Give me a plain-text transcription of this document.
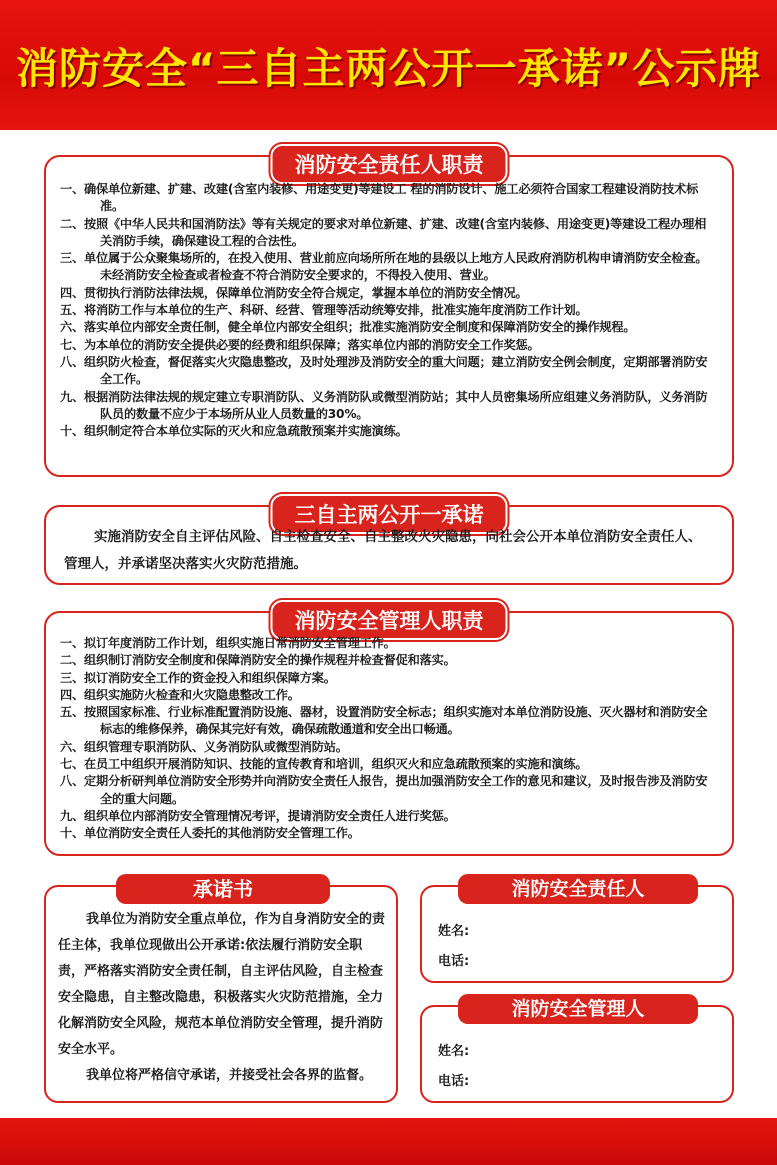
消防安全“三自主两公开一承诺”公示牌
消防安全责任人职责
一、确保单位新建、扩建、改建(含室内装修、用途变更)等建设工 程的消防设计、施工必须符合国家工程建设消防技术标准。
二、按照《中华人民共和国消防法》等有关规定的要求对单位新建、扩建、改建(含室内装修、用途变更)等建设工程办理相关消防手续，确保建设工程的合法性。
三、单位属于公众聚集场所的，在投入使用、营业前应向场所所在地的县级以上地方人民政府消防机构申请消防安全检查。未经消防安全检查或者检查不符合消防安全要求的，不得投入使用、营业。
四、贯彻执行消防法律法规，保障单位消防安全符合规定，掌握本单位的消防安全情况。
五、将消防工作与本单位的生产、科研、经营、管理等活动统筹安排，批准实施年度消防工作计划。
六、落实单位内部安全责任制，健全单位内部安全组织；批准实施消防安全制度和保障消防安全的操作规程。
七、为本单位的消防安全提供必要的经费和组织保障；落实单位内部的消防安全工作奖惩。
八、组织防火检查，督促落实火灾隐患整改，及时处理涉及消防安全的重大问题；建立消防安全例会制度，定期部署消防安全工作。
九、根据消防法律法规的规定建立专职消防队、义务消防队或微型消防站；其中人员密集场所应组建义务消防队，义务消防队员的数量不应少于本场所从业人员数量的30%。
十、组织制定符合本单位实际的灭火和应急疏散预案并实施演练。
三自主两公开一承诺
实施消防安全自主评估风险、自主检查安全、自主整改火灾隐患，向社会公开本单位消防安全责任人、管理人，并承诺坚决落实火灾防范措施。
消防安全管理人职责
一、拟订年度消防工作计划，组织实施日常消防安全管理工作。
二、组织制订消防安全制度和保障消防安全的操作规程并检查督促和落实。
三、拟订消防安全工作的资金投入和组织保障方案。
四、组织实施防火检查和火灾隐患整改工作。
五、按照国家标准、行业标准配置消防设施、器材，设置消防安全标志；组织实施对本单位消防设施、灭火器材和消防安全标志的维修保养，确保其完好有效，确保疏散通道和安全出口畅通。
六、组织管理专职消防队、义务消防队或微型消防站。
七、在员工中组织开展消防知识、技能的宣传教育和培训，组织灭火和应急疏散预案的实施和演练。
八、定期分析研判单位消防安全形势并向消防安全责任人报告，提出加强消防安全工作的意见和建议，及时报告涉及消防安全的重大问题。
九、组织单位内部消防安全管理情况考评，提请消防安全责任人进行奖惩。
十、单位消防安全责任人委托的其他消防安全管理工作。
承诺书

我单位为消防安全重点单位，作为自身消防安全的责任主体，我单位现做出公开承诺:依法履行消防安全职责，严格落实消防安全责任制，自主评估风险，自主检查安全隐患，自主整改隐患，积极落实火灾防范措施，全力化解消防安全风险，规范本单位消防安全管理，提升消防安全水平。

我单位将严格信守承诺，并接受社会各界的监督。

消防安全责任人
姓名:
电话:
消防安全管理人
姓名:
电话:
